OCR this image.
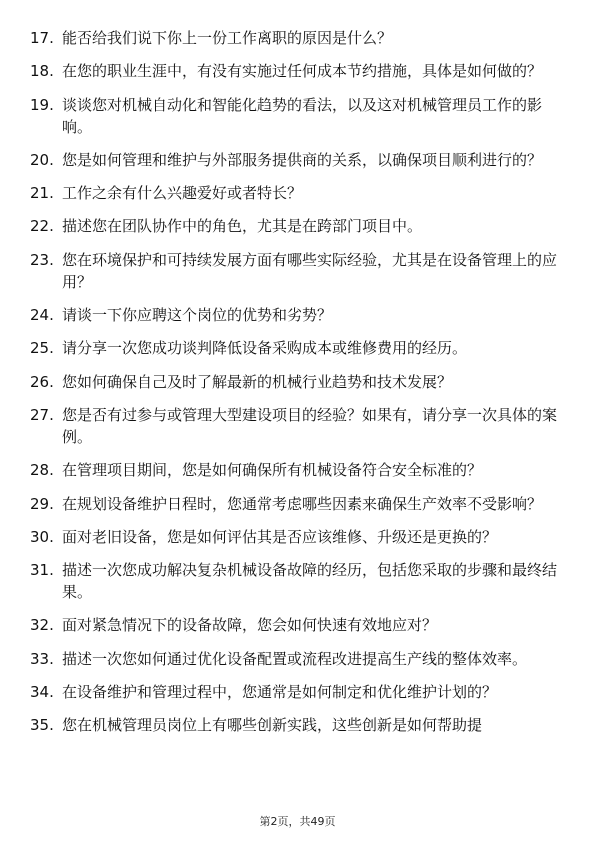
17. 能否给我们说下你上一份工作离职的原因是什么？
18. 在您的职业生涯中，有没有实施过任何成本节约措施，具体是如何做的？
19. 谈谈您对机械自动化和智能化趋势的看法，以及这对机械管理员工作的影响。
20. 您是如何管理和维护与外部服务提供商的关系，以确保项目顺利进行的？
21. 工作之余有什么兴趣爱好或者特长？
22. 描述您在团队协作中的角色，尤其是在跨部门项目中。
23. 您在环境保护和可持续发展方面有哪些实际经验，尤其是在设备管理上的应用？
24. 请谈一下你应聘这个岗位的优势和劣势？
25. 请分享一次您成功谈判降低设备采购成本或维修费用的经历。
26. 您如何确保自己及时了解最新的机械行业趋势和技术发展？
27. 您是否有过参与或管理大型建设项目的经验？如果有，请分享一次具体的案例。
28. 在管理项目期间，您是如何确保所有机械设备符合安全标准的？
29. 在规划设备维护日程时，您通常考虑哪些因素来确保生产效率不受影响？
30. 面对老旧设备，您是如何评估其是否应该维修、升级还是更换的？
31. 描述一次您成功解决复杂机械设备故障的经历，包括您采取的步骤和最终结果。
32. 面对紧急情况下的设备故障，您会如何快速有效地应对？
33. 描述一次您如何通过优化设备配置或流程改进提高生产线的整体效率。
34. 在设备维护和管理过程中，您通常是如何制定和优化维护计划的？
35. 您在机械管理员岗位上有哪些创新实践，这些创新是如何帮助提
第2页，共49页
